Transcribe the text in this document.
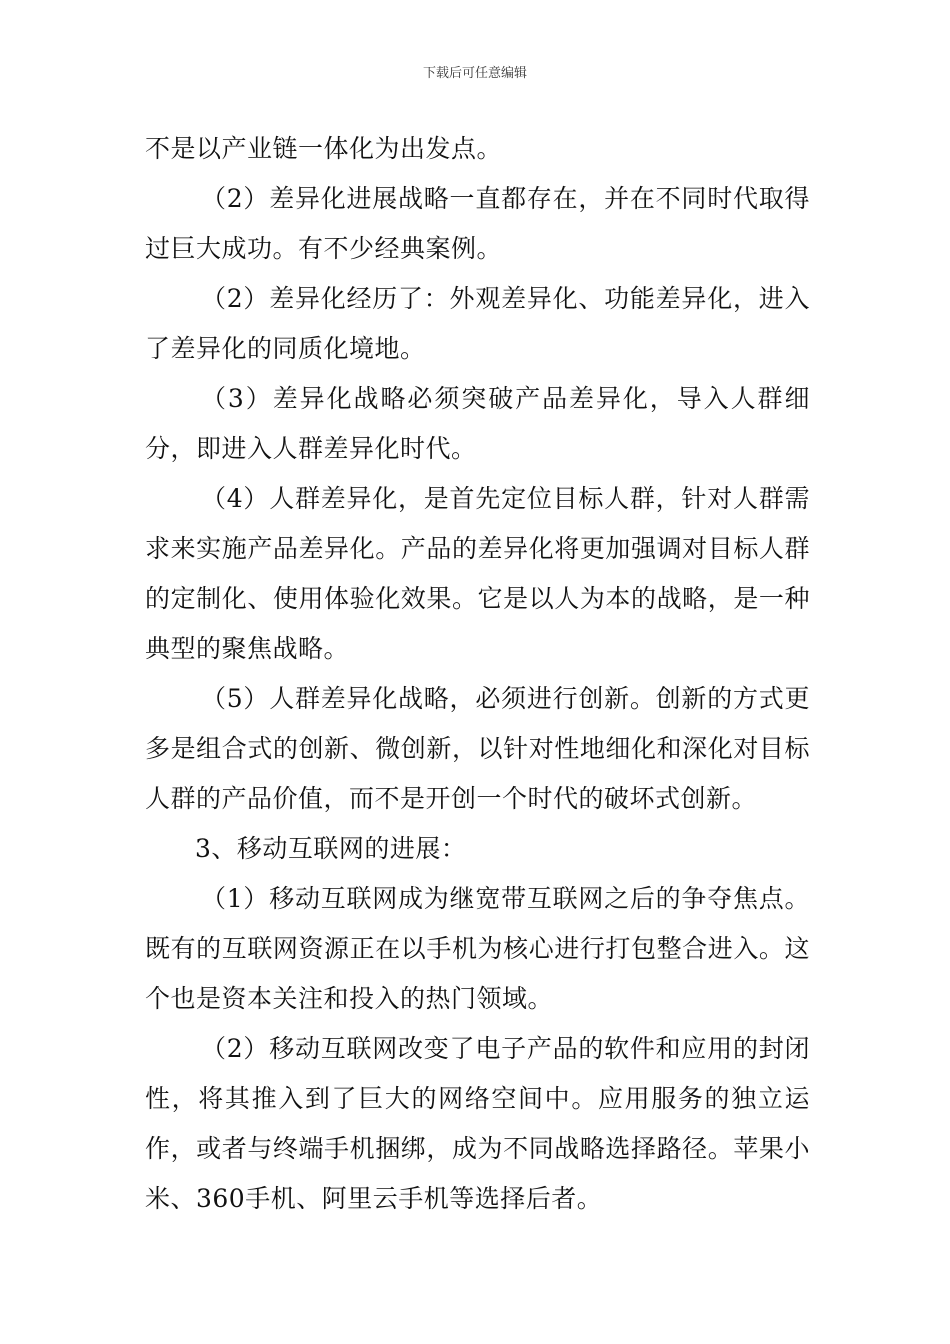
下载后可任意编辑

不是以产业链一体化为出发点。

（2）差异化进展战略一直都存在，并在不同时代取得过巨大成功。有不少经典案例。

（2）差异化经历了：外观差异化、功能差异化，进入了差异化的同质化境地。

（3）差异化战略必须突破产品差异化，导入人群细分，即进入人群差异化时代。

（4）人群差异化，是首先定位目标人群，针对人群需求来实施产品差异化。产品的差异化将更加强调对目标人群的定制化、使用体验化效果。它是以人为本的战略，是一种典型的聚焦战略。

（5）人群差异化战略，必须进行创新。创新的方式更多是组合式的创新、微创新，以针对性地细化和深化对目标人群的产品价值，而不是开创一个时代的破坏式创新。

3、移动互联网的进展：

（1）移动互联网成为继宽带互联网之后的争夺焦点。既有的互联网资源正在以手机为核心进行打包整合进入。这个也是资本关注和投入的热门领域。

（2）移动互联网改变了电子产品的软件和应用的封闭性，将其推入到了巨大的网络空间中。应用服务的独立运作，或者与终端手机捆绑，成为不同战略选择路径。苹果小米、360手机、阿里云手机等选择后者。
